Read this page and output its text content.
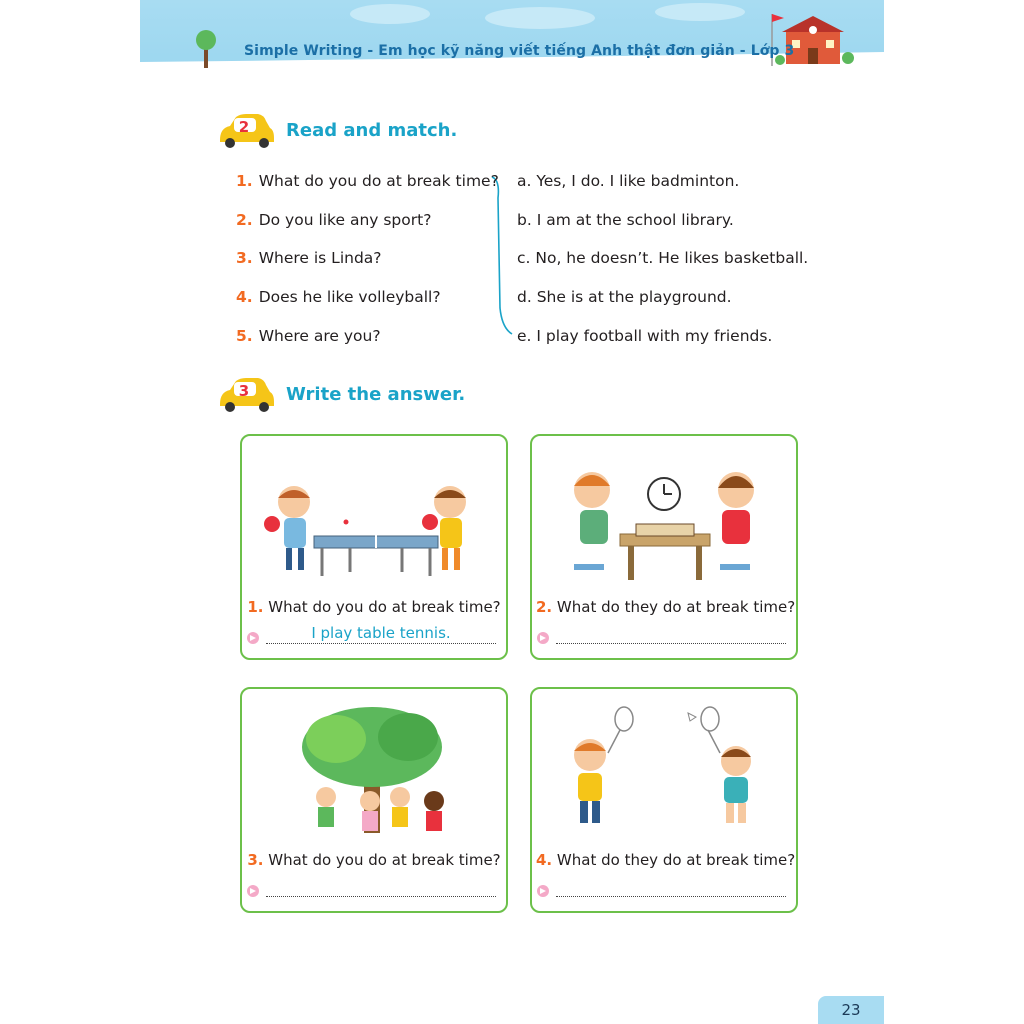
Simple Writing - Em học kỹ năng viết tiếng Anh thật đơn giản - Lớp 3
2	Read and match.
1. What do you do at break time?
2. Do you like any sport?
3. Where is Linda?
4. Does he like volleyball?
5. Where are you?
a. Yes, I do. I like badminton.
b. I am at the school library.
c. No, he doesn’t. He likes basketball.
d. She is at the playground.
e. I play football with my friends.
3	Write the answer.
1. What do you do at break time?
I play table tennis.
2. What do they do at break time?
3. What do you do at break time? 4. What do they do at break time?
23
